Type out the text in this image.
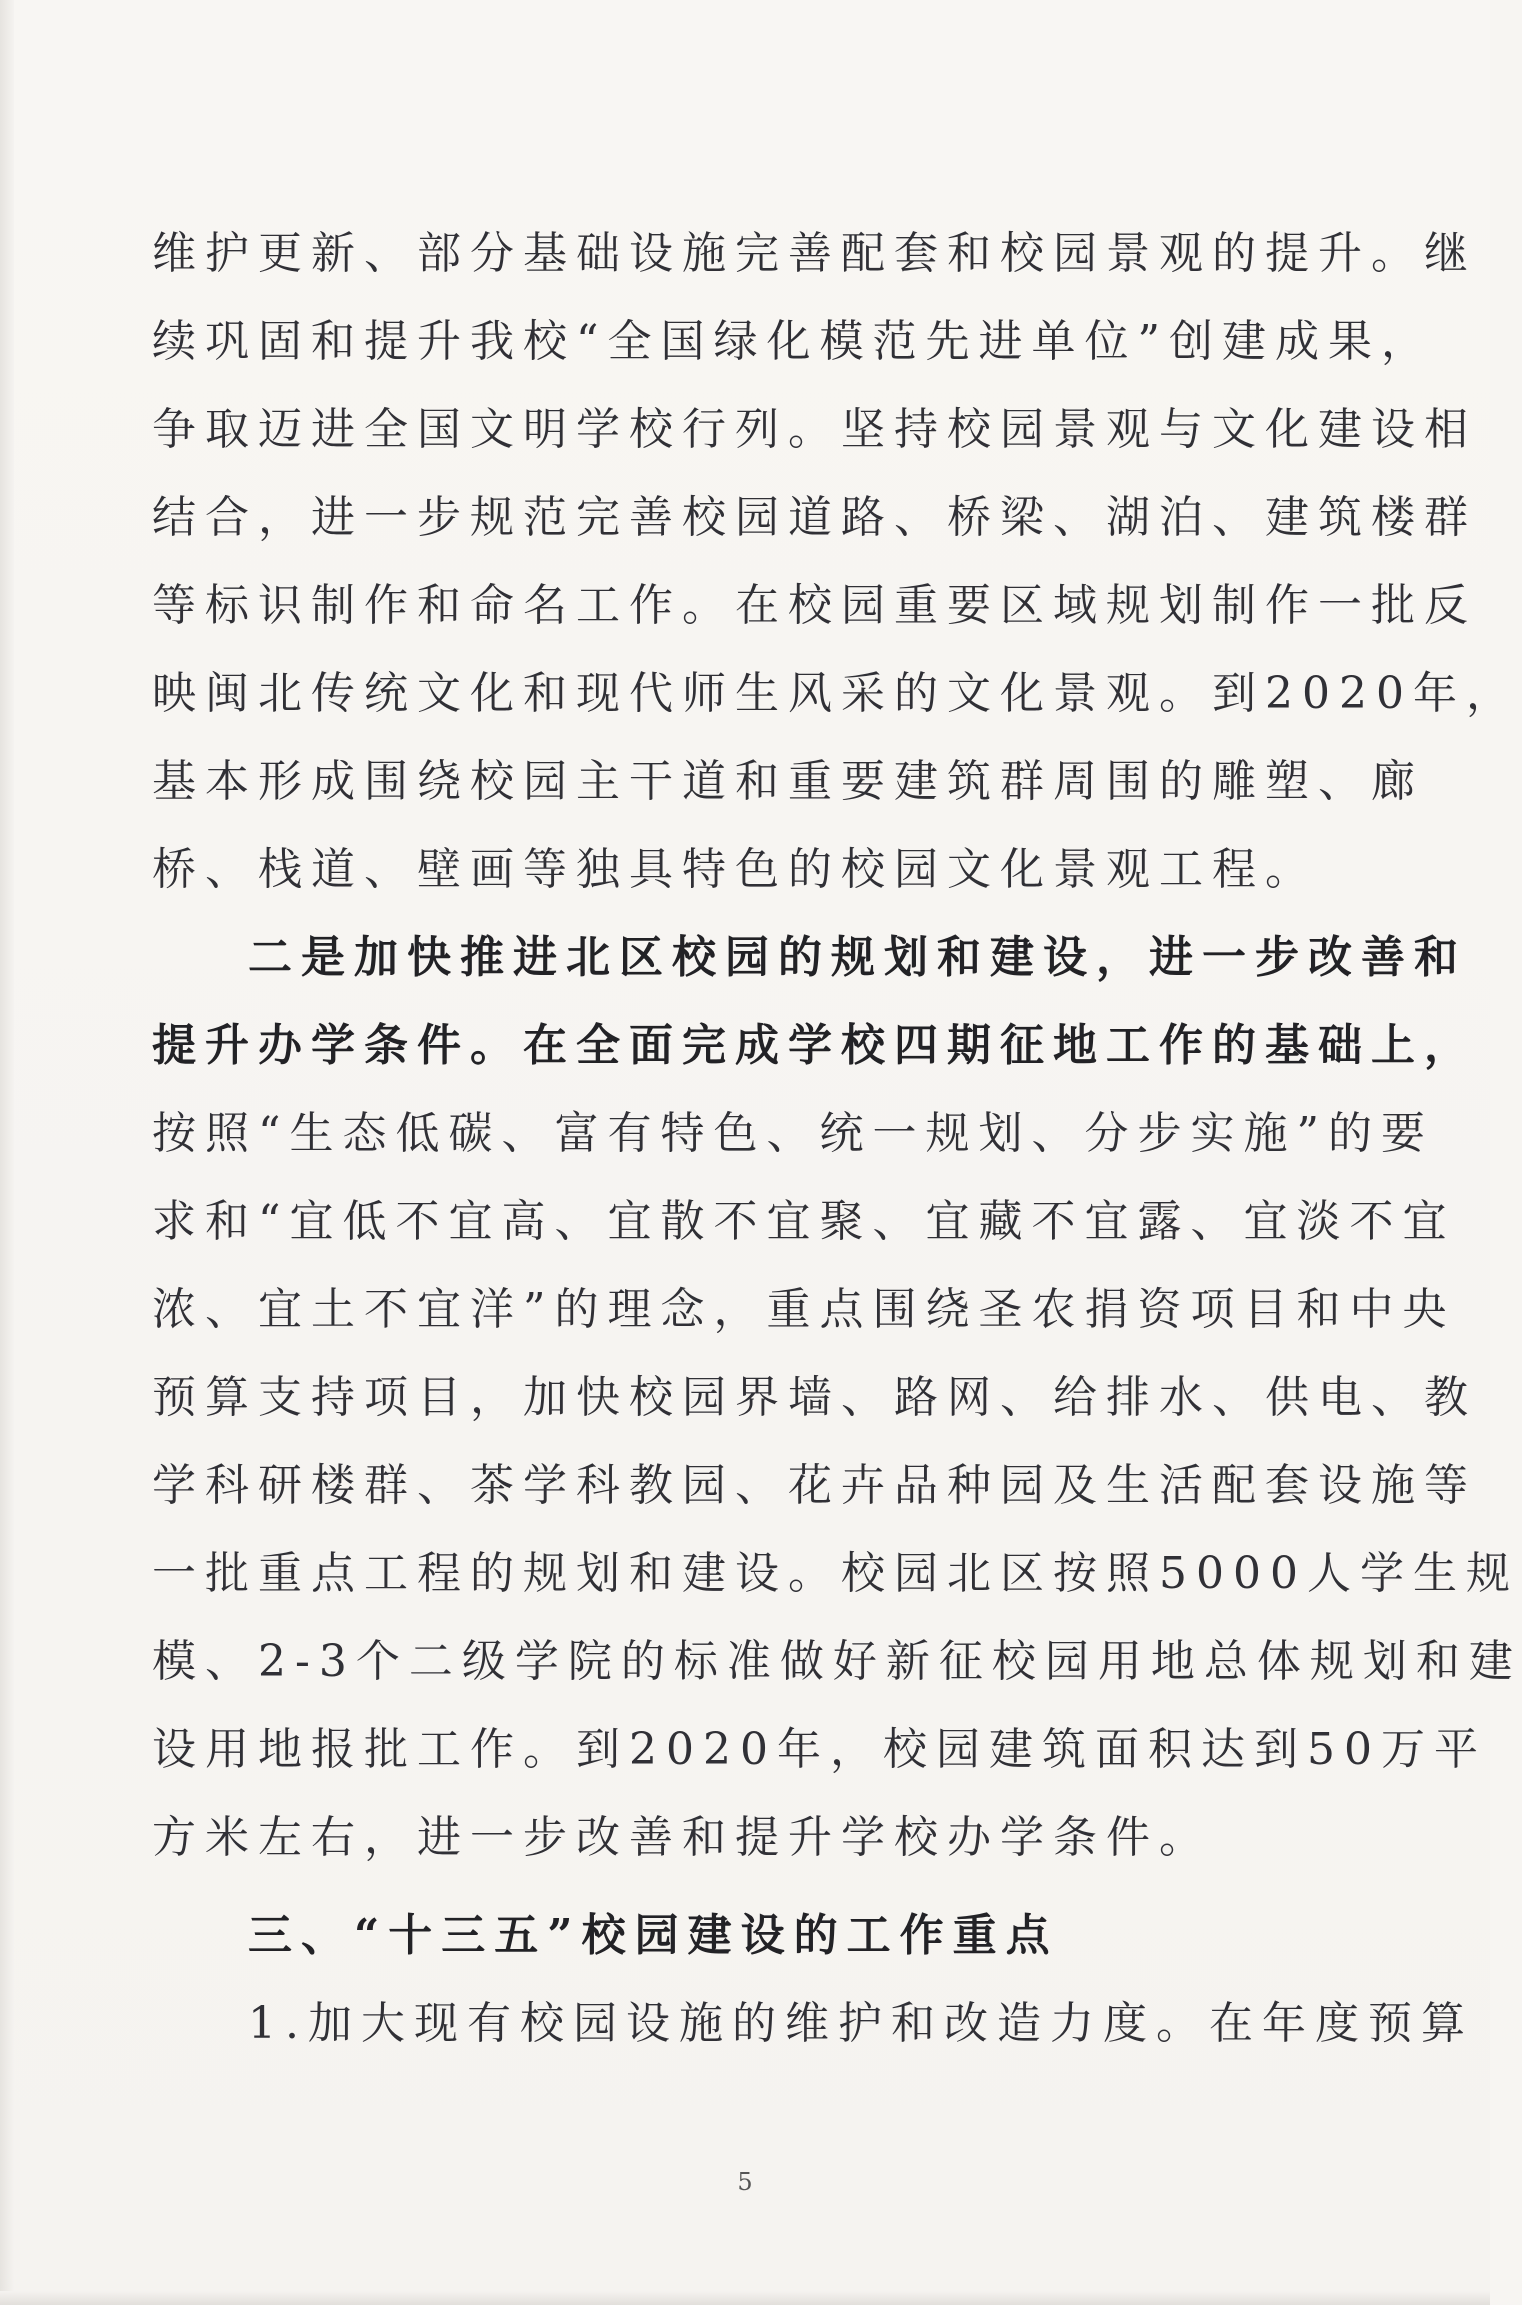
维护更新、部分基础设施完善配套和校园景观的提升。继
续巩固和提升我校“全国绿化模范先进单位”创建成果，
争取迈进全国文明学校行列。坚持校园景观与文化建设相
结合，进一步规范完善校园道路、桥梁、湖泊、建筑楼群
等标识制作和命名工作。在校园重要区域规划制作一批反
映闽北传统文化和现代师生风采的文化景观。到2020年，
基本形成围绕校园主干道和重要建筑群周围的雕塑、廊
桥、栈道、壁画等独具特色的校园文化景观工程。
二是加快推进北区校园的规划和建设，进一步改善和
提升办学条件。在全面完成学校四期征地工作的基础上，
按照“生态低碳、富有特色、统一规划、分步实施”的要
求和“宜低不宜高、宜散不宜聚、宜藏不宜露、宜淡不宜
浓、宜土不宜洋”的理念，重点围绕圣农捐资项目和中央
预算支持项目，加快校园界墙、路网、给排水、供电、教
学科研楼群、茶学科教园、花卉品种园及生活配套设施等
一批重点工程的规划和建设。校园北区按照5000人学生规
模、2-3个二级学院的标准做好新征校园用地总体规划和建
设用地报批工作。到2020年，校园建筑面积达到50万平
方米左右，进一步改善和提升学校办学条件。
三、“十三五”校园建设的工作重点
1.加大现有校园设施的维护和改造力度。在年度预算
5
